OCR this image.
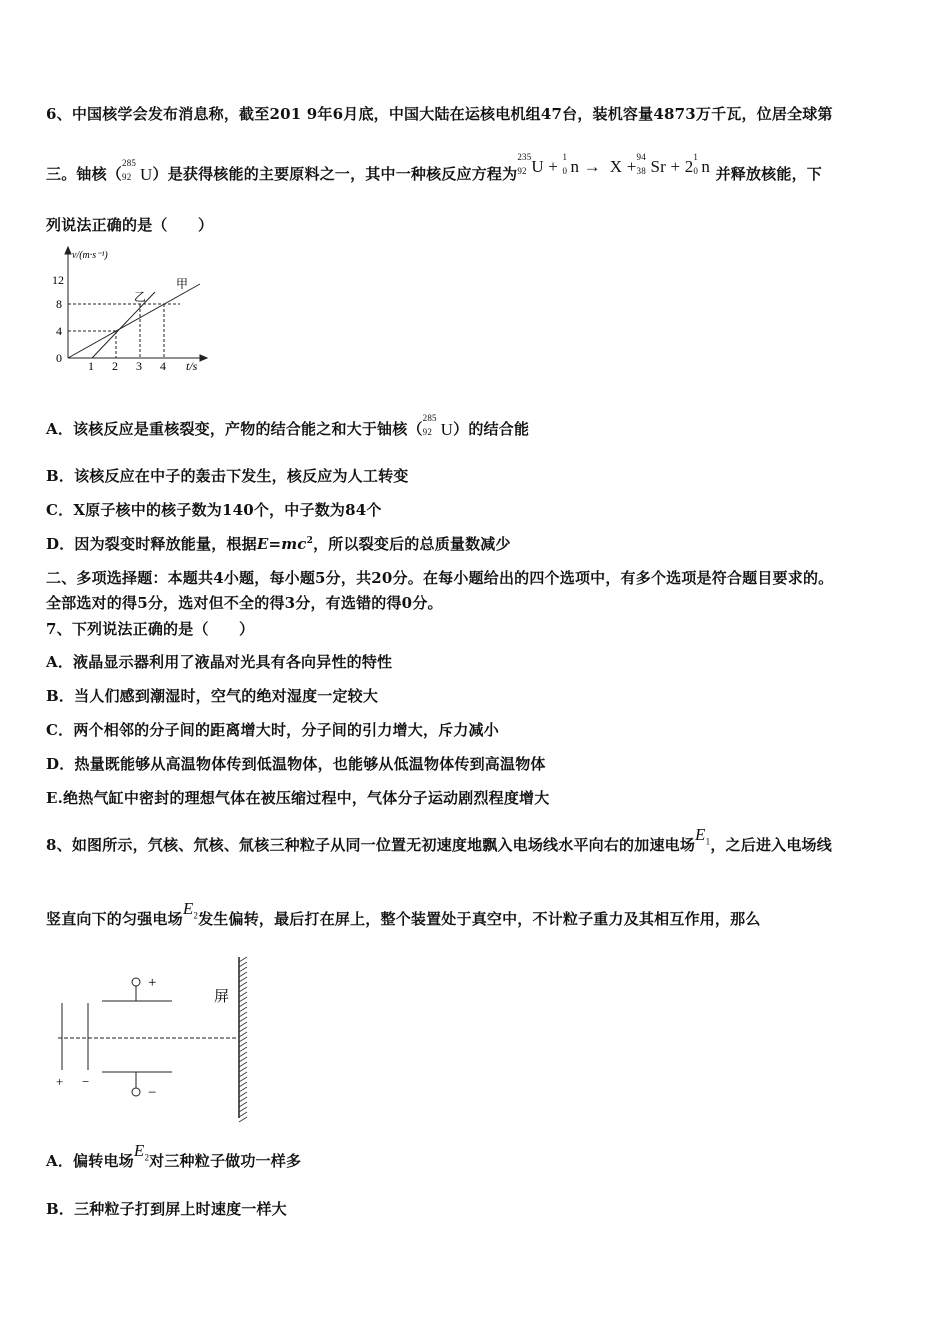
6、中国核学会发布消息称，截至201 9年6月底，中国大陆在运核电机组47台，装机容量4873万千瓦，位居全球第
三。铀核（
285
92 U）是获得核能的主要原料之一，其中一种核反应方程为
235
92 U + 1
0 n → X + 94
38 Sr + 2 1
0 n 并释放核能，下
列说法正确的是（　　）
v/(m·s⁻¹)
12
8
4
0
1 2 3 4 t/s
乙
甲
A．该核反应是重核裂变，产物的结合能之和大于铀核（
285
92 U）的结合能
B．该核反应在中子的轰击下发生，核反应为人工转变
C．X原子核中的核子数为140个，中子数为84个
D．因为裂变时释放能量，根据$E=mc^2$，所以裂变后的总质量数减少
二、多项选择题：本题共4小题，每小题5分，共20分。在每小题给出的四个选项中，有多个选项是符合题目要求的。
全部选对的得5分，选对但不全的得3分，有选错的得0分。
7、下列说法正确的是（　　）
A．液晶显示器利用了液晶对光具有各向异性的特性
B．当人们感到潮湿时，空气的绝对湿度一定较大
C．两个相邻的分子间的距离增大时，分子间的引力增大，斥力减小
D．热量既能够从高温物体传到低温物体，也能够从低温物体传到高温物体
E.绝热气缸中密封的理想气体在被压缩过程中，气体分子运动剧烈程度增大
8、如图所示，氕核、氘核、氚核三种粒子从同一位置无初速度地飘入电场线水平向右的加速电场$E_1$，之后进入电场线
竖直向下的匀强电场$E_2$发生偏转，最后打在屏上，整个装置处于真空中，不计粒子重力及其相互作用，那么
+
−
+ −
屏
A．偏转电场$E_2$对三种粒子做功一样多
B．三种粒子打到屏上时速度一样大
